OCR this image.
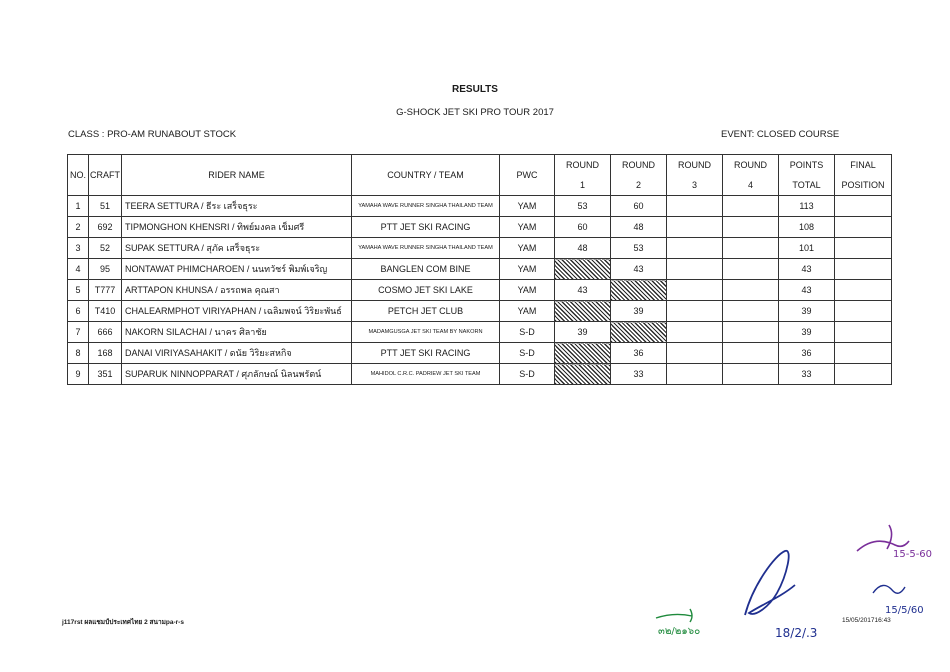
RESULTS
G-SHOCK JET SKI PRO TOUR 2017
CLASS : PRO-AM RUNABOUT STOCK	EVENT: CLOSED COURSE
NO.	CRAFT	RIDER NAME	COUNTRY / TEAM	PWC	ROUND	ROUND	ROUND	ROUND	POINTS	FINAL
					1	2	3	4	TOTAL	POSITION
1	51	TEERA SETTURA / ธีระ เสร็จธุระ	YAMAHA WAVE RUNNER SINGHA THAILAND TEAM	YAM	53	60			113	
2	692	TIPMONGHON KHENSRI / ทิพย์มงคล เข็มศรี	PTT JET SKI RACING	YAM	60	48			108	
3	52	SUPAK SETTURA / สุภัค เสร็จธุระ	YAMAHA WAVE RUNNER SINGHA THAILAND TEAM	YAM	48	53			101	
4	95	NONTAWAT PHIMCHAROEN / นนทวัชร์ พิมพ์เจริญ	BANGLEN COM BINE	YAM		43			43	
5	T777	ARTTAPON KHUNSA / อรรถพล คุณสา	COSMO JET SKI LAKE	YAM	43				43	
6	T410	CHALEARMPHOT VIRIYAPHAN / เฉลิมพจน์ วิริยะพันธ์	PETCH JET CLUB	YAM		39			39	
7	666	NAKORN SILACHAI / นาคร ศิลาชัย	MADAMGUSGA JET SKI TEAM BY NAKORN	S-D	39				39	
8	168	DANAI VIRIYASAHAKIT / ดนัย วิริยะสหกิจ	PTT JET SKI RACING	S-D		36			36	
9	351	SUPARUK NINNOPPARAT / ศุภลักษณ์ นิลนพรัตน์	MAHIDOL C.R.C. PADRIEW JET SKI TEAM	S-D		33			33	
j117rst ผลแชมป์ประเทศไทย 2 สนามpa-r-s	15/05/201716:43
๓๒/๒๑๖๐	18/2/.3
15-5-60
15/5/60
